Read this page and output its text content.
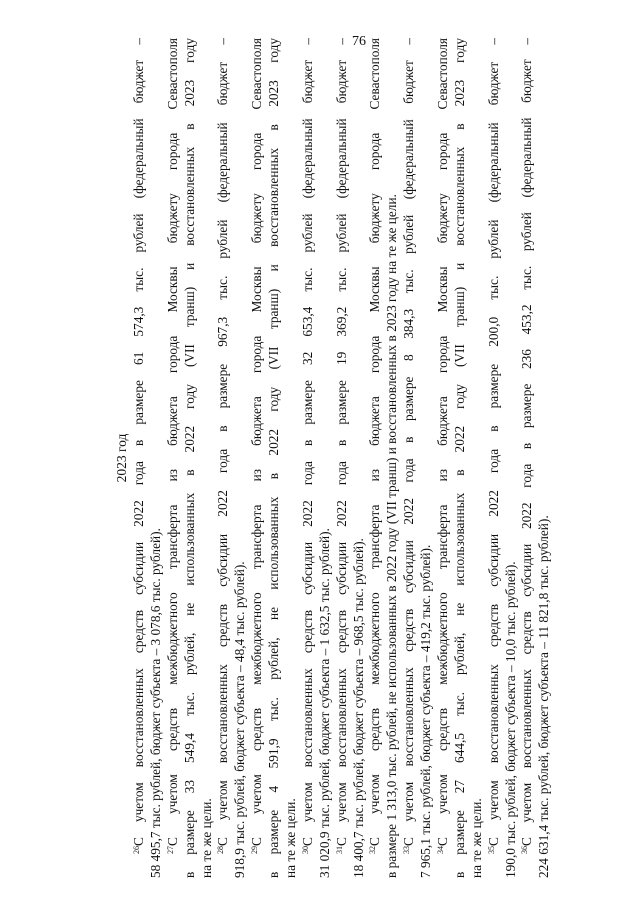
76
2023 год
$^{26}$С учетом восстановленных средств субсидии 2022 года в размере 61 574,3 тыс. рублей (федеральный бюджет – 58 495,7 тыс. рублей, бюджет субъекта – 3 078,6 тыс. рублей). $^{27}$С учетом средств межбюджетного трансферта из бюджета города Москвы бюджету города Севастополя в размере 33 549,4 тыс. рублей, не использованных в 2022 году (VII транш) и восстановленных в 2023 году на те же цели. $^{28}$С учетом восстановленных средств субсидии 2022 года в размере 967,3 тыс. рублей (федеральный бюджет – 918,9 тыс. рублей, бюджет субъекта – 48,4 тыс. рублей). $^{29}$С учетом средств межбюджетного трансферта из бюджета города Москвы бюджету города Севастополя в размере 4 591,9 тыс. рублей, не использованных в 2022 году (VII транш) и восстановленных в 2023 году на те же цели. $^{30}$С учетом восстановленных средств субсидии 2022 года в размере 32 653,4 тыс. рублей (федеральный бюджет – 31 020,9 тыс. рублей, бюджет субъекта – 1 632,5 тыс. рублей). $^{31}$С учетом восстановленных средств субсидии 2022 года в размере 19 369,2 тыс. рублей (федеральный бюджет – 18 400,7 тыс. рублей, бюджет субъекта – 968,5 тыс. рублей). $^{32}$С учетом средств межбюджетного трансферта из бюджета города Москвы бюджету города Севастополя в размере 1 313,0 тыс. рублей, не использованных в 2022 году (VII транш) и восстановленных в 2023 году на те же цели. $^{33}$С учетом восстановленных средств субсидии 2022 года в размере 8 384,3 тыс. рублей (федеральный бюджет – 7 965,1 тыс. рублей, бюджет субъекта – 419,2 тыс. рублей). $^{34}$С учетом средств межбюджетного трансферта из бюджета города Москвы бюджету города Севастополя в размере 27 644,5 тыс. рублей, не использованных в 2022 году (VII транш) и восстановленных в 2023 году на те же цели. $^{35}$С учетом восстановленных средств субсидии 2022 года в размере 200,0 тыс. рублей (федеральный бюджет – 190,0 тыс. рублей, бюджет субъекта – 10,0 тыс. рублей). $^{36}$С учетом восстановленных средств субсидии 2022 года в размере 236 453,2 тыс. рублей (федеральный бюджет – 224 631,4 тыс. рублей, бюджет субъекта – 11 821,8 тыс. рублей).
